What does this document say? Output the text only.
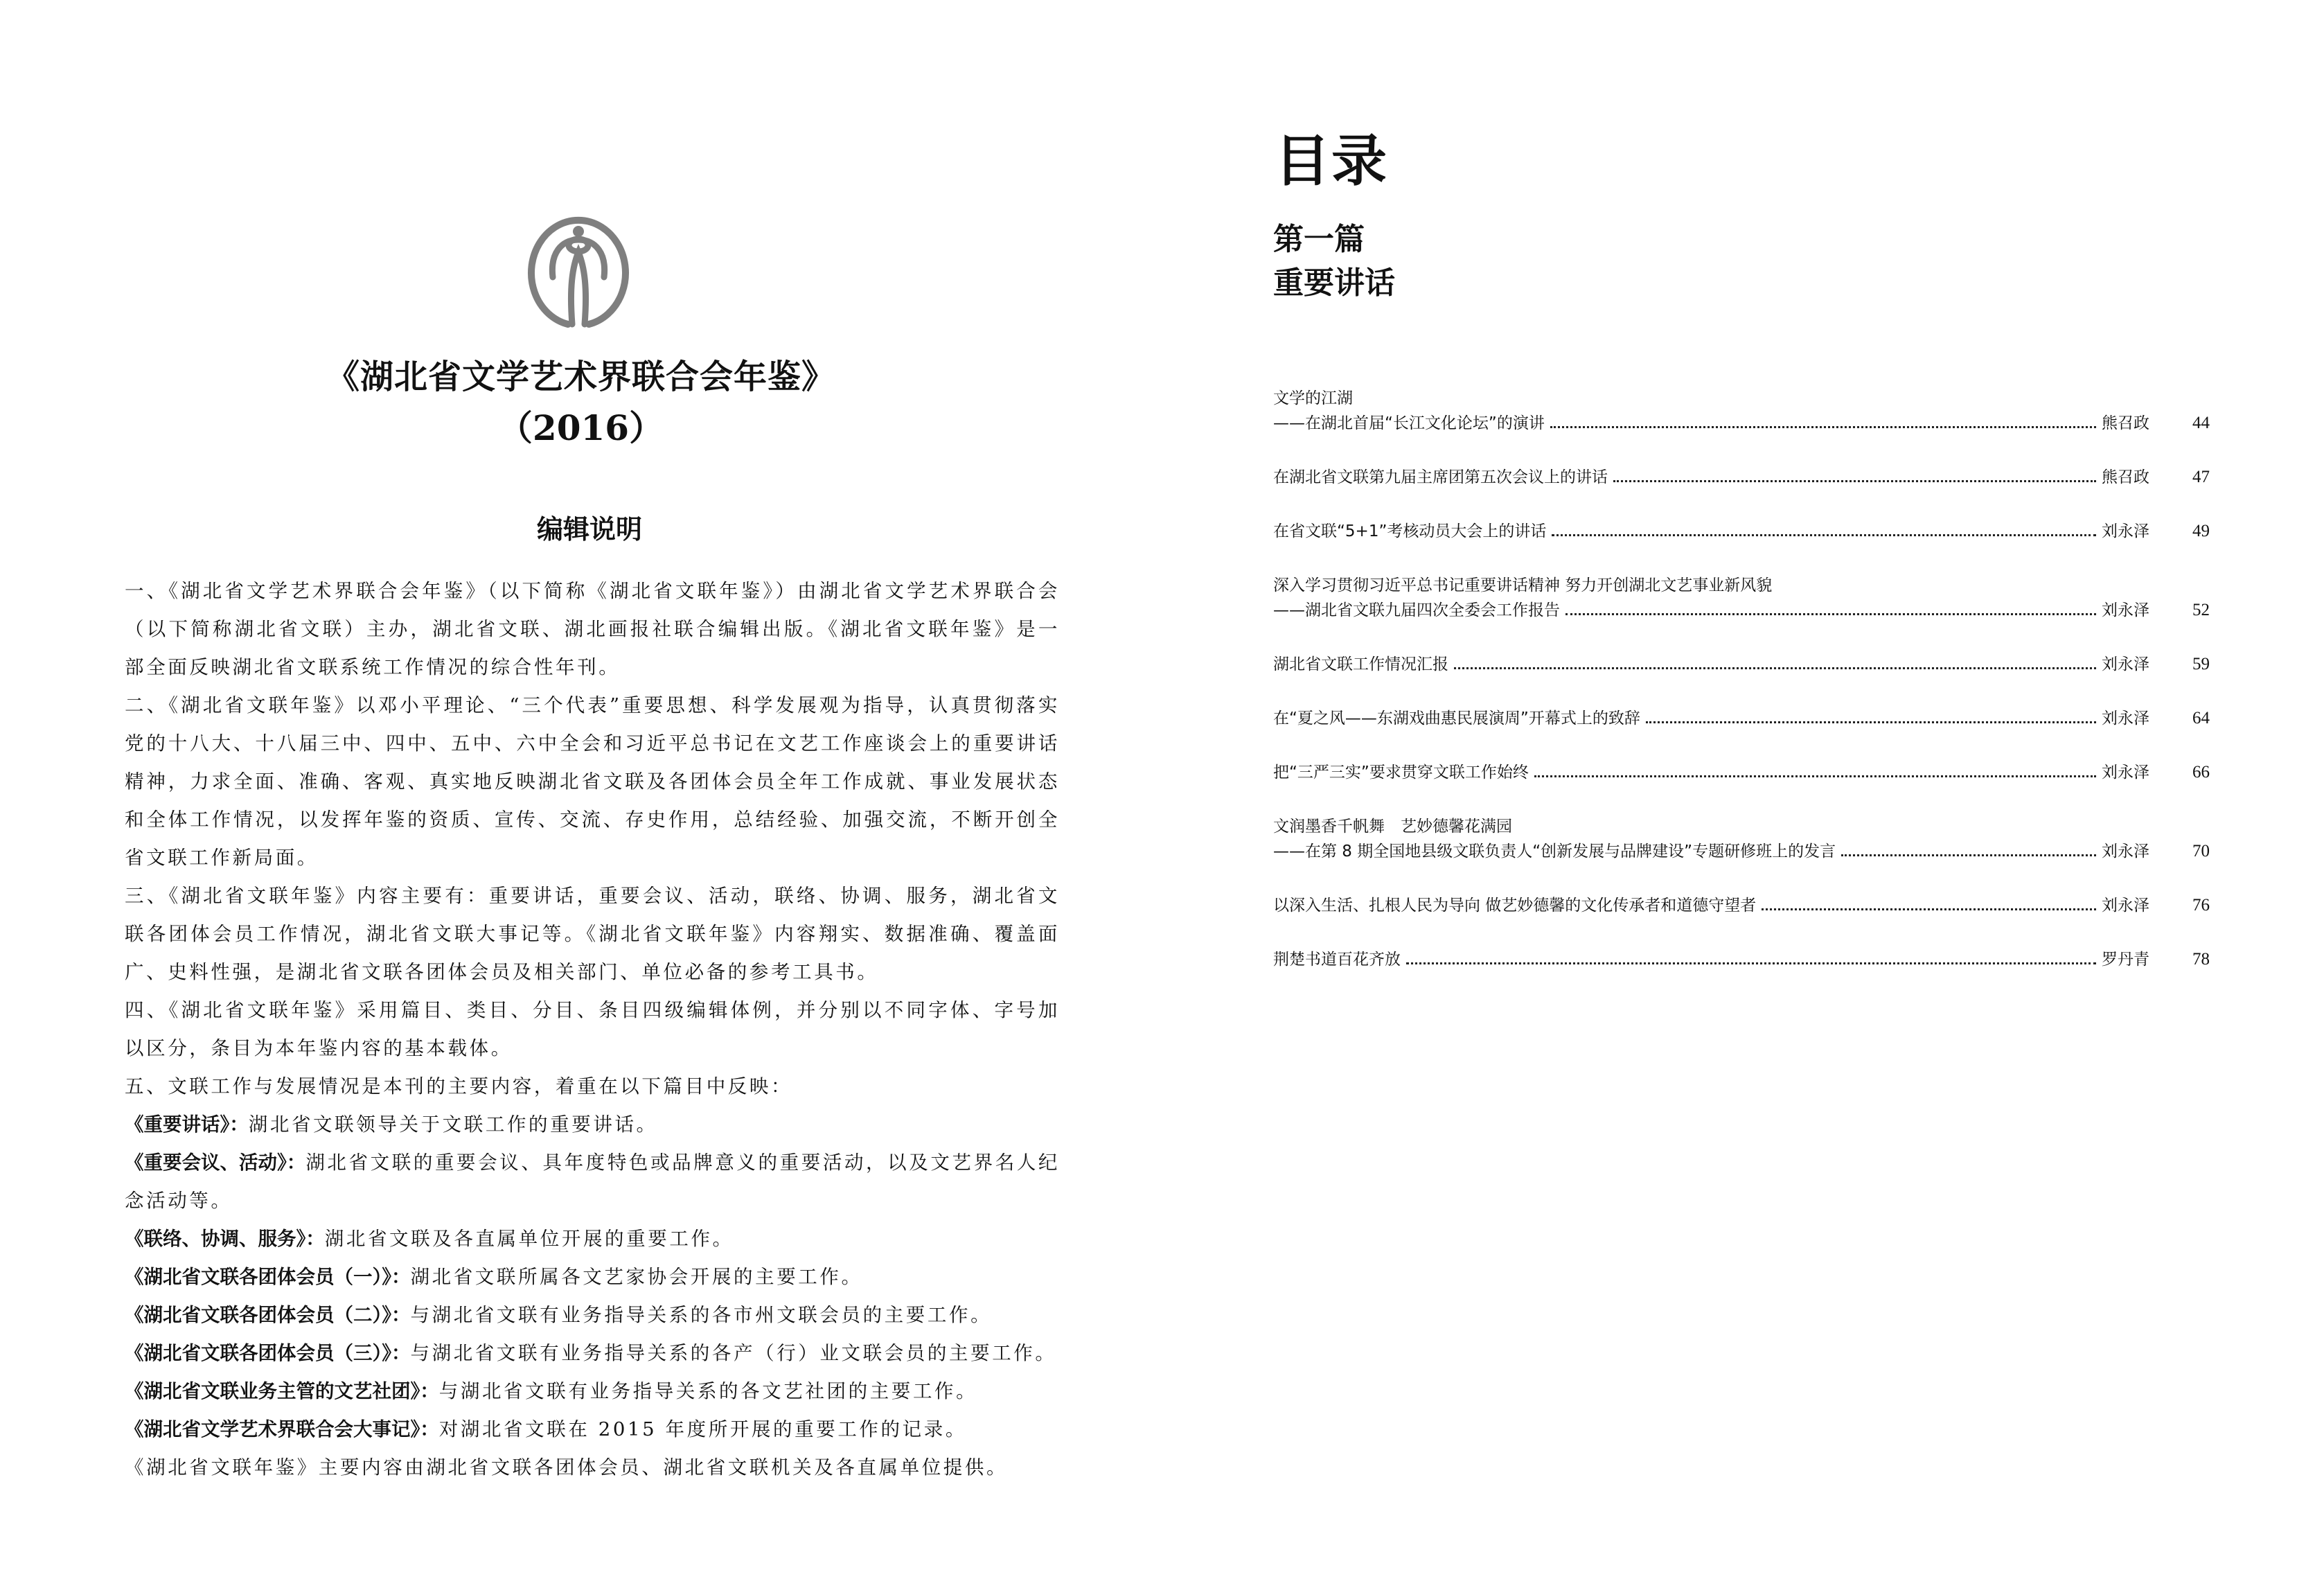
《湖北省文学艺术界联合会年鉴》
（2016）
编辑说明

一、《湖北省文学艺术界联合会年鉴》（以下简称《湖北省文联年鉴》）由湖北省文学艺术界联合会（以下简称湖北省文联）主办，湖北省文联、湖北画报社联合编辑出版。《湖北省文联年鉴》是一部全面反映湖北省文联系统工作情况的综合性年刊。

二、《湖北省文联年鉴》以邓小平理论、“三个代表”重要思想、科学发展观为指导，认真贯彻落实党的十八大、十八届三中、四中、五中、六中全会和习近平总书记在文艺工作座谈会上的重要讲话精神，力求全面、准确、客观、真实地反映湖北省文联及各团体会员全年工作成就、事业发展状态和全体工作情况，以发挥年鉴的资质、宣传、交流、存史作用，总结经验、加强交流，不断开创全省文联工作新局面。

三、《湖北省文联年鉴》内容主要有：重要讲话，重要会议、活动，联络、协调、服务，湖北省文联各团体会员工作情况，湖北省文联大事记等。《湖北省文联年鉴》内容翔实、数据准确、覆盖面广、史料性强，是湖北省文联各团体会员及相关部门、单位必备的参考工具书。

四、《湖北省文联年鉴》采用篇目、类目、分目、条目四级编辑体例，并分别以不同字体、字号加以区分，条目为本年鉴内容的基本载体。

五、文联工作与发展情况是本刊的主要内容，着重在以下篇目中反映：

《重要讲话》：湖北省文联领导关于文联工作的重要讲话。

《重要会议、活动》：湖北省文联的重要会议、具年度特色或品牌意义的重要活动，以及文艺界名人纪念活动等。

《联络、协调、服务》：湖北省文联及各直属单位开展的重要工作。

《湖北省文联各团体会员（一）》：湖北省文联所属各文艺家协会开展的主要工作。

《湖北省文联各团体会员（二）》：与湖北省文联有业务指导关系的各市州文联会员的主要工作。

《湖北省文联各团体会员（三）》：与湖北省文联有业务指导关系的各产（行）业文联会员的主要工作。

《湖北省文联业务主管的文艺社团》：与湖北省文联有业务指导关系的各文艺社团的主要工作。

《湖北省文学艺术界联合会大事记》：对湖北省文联在 2015 年度所开展的重要工作的记录。

《湖北省文联年鉴》主要内容由湖北省文联各团体会员、湖北省文联机关及各直属单位提供。

目录
第一篇
重要讲话
文学的江湖
——在湖北首届“长江文化论坛”的演讲	熊召政	44
在湖北省文联第九届主席团第五次会议上的讲话	熊召政	47
在省文联“5+1”考核动员大会上的讲话	刘永泽	49
深入学习贯彻习近平总书记重要讲话精神 努力开创湖北文艺事业新风貌
——湖北省文联九届四次全委会工作报告	刘永泽	52
湖北省文联工作情况汇报	刘永泽	59
在“夏之风——东湖戏曲惠民展演周”开幕式上的致辞	刘永泽	64
把“三严三实”要求贯穿文联工作始终	刘永泽	66
文润墨香千帆舞　艺妙德馨花满园
——在第 8 期全国地县级文联负责人“创新发展与品牌建设”专题研修班上的发言	刘永泽	70
以深入生活、扎根人民为导向 做艺妙德馨的文化传承者和道德守望者	刘永泽	76
荆楚书道百花齐放	罗丹青	78
